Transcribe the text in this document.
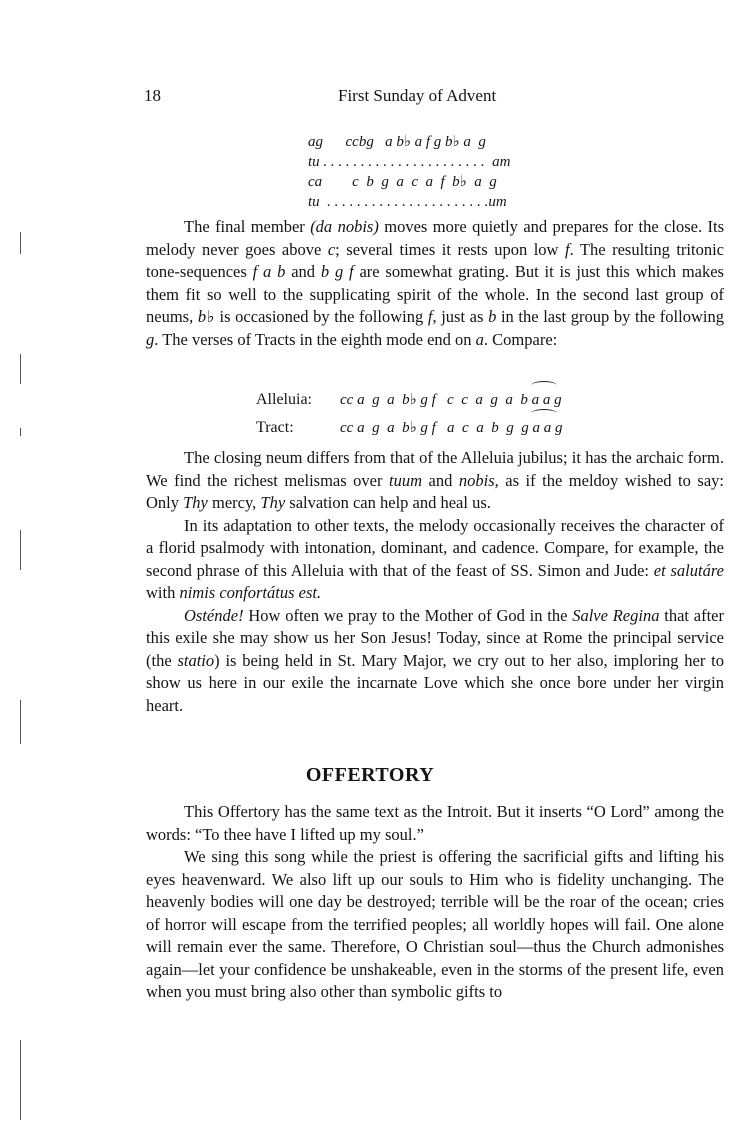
18	First Sunday of Advent
ag      ccbg   a b♭ a f g b♭ a  g
tu . . . . . . . . . . . . . . . . . . . . . .  am
ca        c  b  g  a  c  a  f  b♭  a  g
tu  . . . . . . . . . . . . . . . . . . . . . .um

The final member (da nobis) moves more quietly and prepares for the close. Its melody never goes above c; several times it rests upon low f. The resulting tritonic tone-sequences f a b and b g f are somewhat grating. But it is just this which makes them fit so well to the supplicating spirit of the whole. In the second last group of neums, b♭ is occasioned by the following f, just as b in the last group by the following g. The verses of Tracts in the eighth mode end on a. Compare:

Alleluia: cc a  g  a  b♭ g f   c  c  a  g  a  b a a g
Tract:	cc a  g  a  b♭ g f   a  c  a  b  g  g a a g

The closing neum differs from that of the Alleluia jubilus; it has the archaic form. We find the richest melismas over tuum and nobis, as if the meldoy wished to say: Only Thy mercy, Thy salvation can help and heal us.

In its adaptation to other texts, the melody occasionally receives the character of a florid psalmody with intonation, dominant, and cadence. Compare, for example, the second phrase of this Alleluia with that of the feast of SS. Simon and Jude: et salutáre with nimis confortátus est.

Osténde! How often we pray to the Mother of God in the Salve Regina that after this exile she may show us her Son Jesus! Today, since at Rome the principal service (the statio) is being held in St. Mary Major, we cry out to her also, imploring her to show us here in our exile the incarnate Love which she once bore under her virgin heart.

OFFERTORY

This Offertory has the same text as the Introit. But it inserts “O Lord” among the words: “To thee have I lifted up my soul.”

We sing this song while the priest is offering the sacrificial gifts and lifting his eyes heavenward. We also lift up our souls to Him who is fidelity unchanging. The heavenly bodies will one day be destroyed; terrible will be the roar of the ocean; cries of horror will escape from the terrified peoples; all worldly hopes will fail. One alone will remain ever the same. Therefore, O Christian soul—thus the Church admonishes again—let your confidence be unshakeable, even in the storms of the present life, even when you must bring also other than symbolic gifts to
